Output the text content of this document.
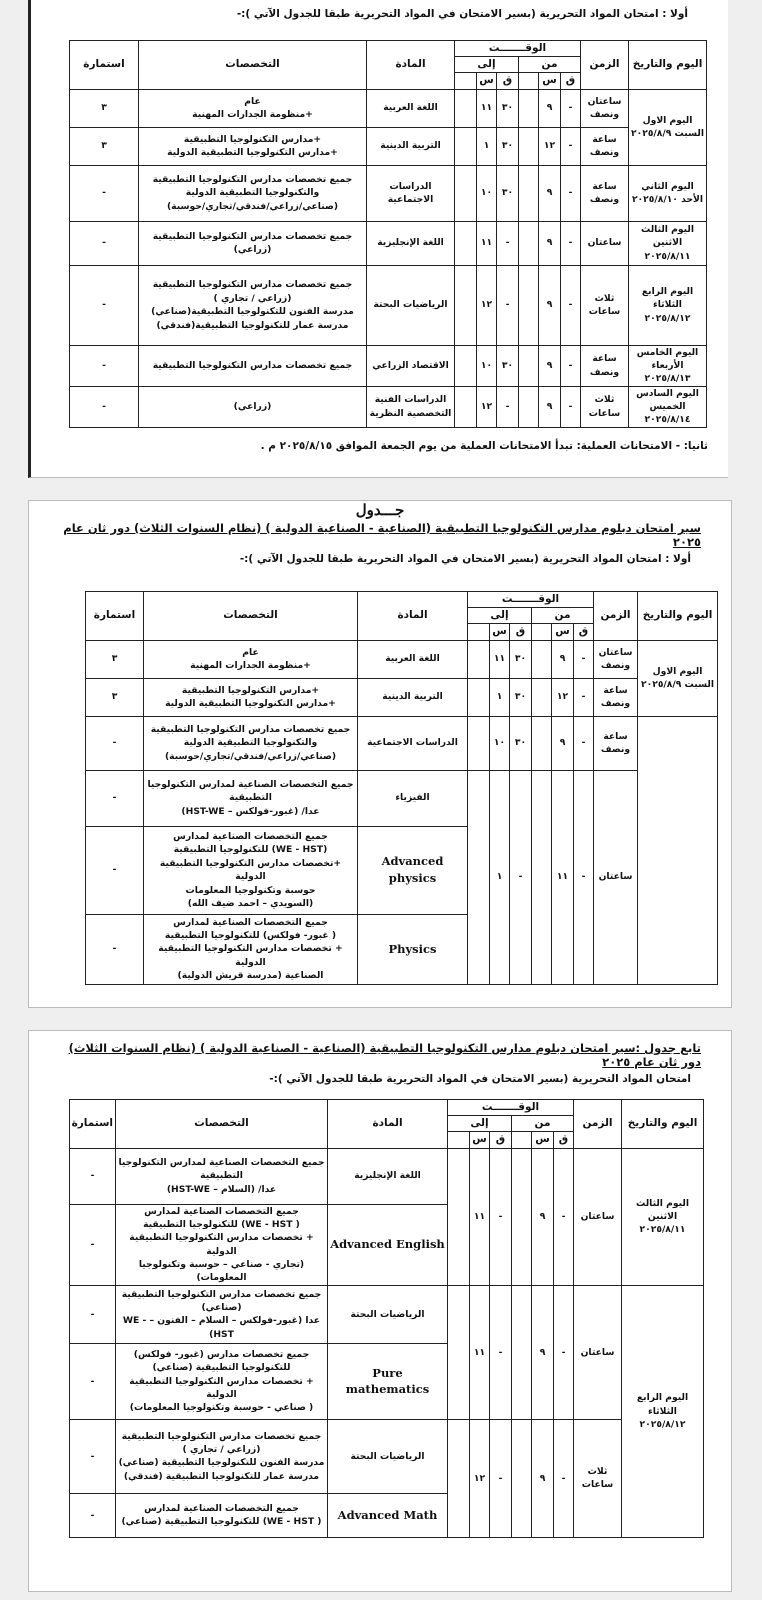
أولا : امتحان المواد التحريرية (بسير الامتحان في المواد التحريرية طبقا للجدول الآتي ):-
اليوم والتاريخ	الزمن	الوقـــــــت						المادة	التخصصات	استمارة
		من			إلى					
		ق	س		ق	س				
اليوم الاول السبت ٢٠٢٥/٨/٩	ساعتان ونصف	-	٩		٣٠	١١		اللغة العربية	عام
+منظومة الجدارات المهنية	٣
	ساعة ونصف	-	١٢		٣٠	١		التربية الدينية	+مدارس التكنولوجيا التطبيقية
+مدارس التكنولوجيا التطبيقية الدولية	٣
اليوم الثاني الأحد ٢٠٢٥/٨/١٠	ساعة ونصف	-	٩		٣٠	١٠		الدراسات الاجتماعية	جميع تخصصات مدارس التكنولوجيا التطبيقية
والتكنولوجيا التطبيقية الدولية
(صناعي/زراعي/فندقي/تجاري/حوسبة)	-
اليوم الثالث الاثنين ٢٠٢٥/٨/١١	ساعتان	-	٩		-	١١		اللغة الإنجليزية	جميع تخصصات مدارس التكنولوجيا التطبيقية
(زراعي)	-
اليوم الرابع الثلاثاء ٢٠٢٥/٨/١٢	ثلاث ساعات	-	٩		-	١٢		الرياضيات البحتة	جميع تخصصات مدارس التكنولوجيا التطبيقية
(زراعي / تجاري )
مدرسة الفنون للتكنولوجيا التطبيقية(صناعي)
مدرسة عمار للتكنولوجيا التطبيقية(فندقي)	-
اليوم الخامس الأربعاء ٢٠٢٥/٨/١٣	ساعة ونصف	-	٩		٣٠	١٠		الاقتصاد الزراعي	جميع تخصصات مدارس التكنولوجيا التطبيقية	-
اليوم السادس الخميس ٢٠٢٥/٨/١٤	ثلاث ساعات	-	٩		-	١٢		الدراسات الفنية التخصصية النظرية	(زراعي)	-
ثانيا: - الامتحانات العملية: تبدأ الامتحانات العملية من يوم الجمعة الموافق ٢٠٢٥/٨/١٥ م .
جـــدول
سير امتحان دبلوم مدارس التكنولوجيا التطبيقية (الصناعية - الصناعية الدولية ) (نظام السنوات الثلاث) دور ثان عام ٢٠٢٥
أولا : امتحان المواد التحريرية (بسير الامتحان في المواد التحريرية طبقا للجدول الآتي ):-
اليوم والتاريخ	الزمن	الوقـــــــت						المادة	التخصصات	استمارة
		من			إلى					
		ق	س		ق	س				
اليوم الاول السبت ٢٠٢٥/٨/٩	ساعتان ونصف	-	٩		٣٠	١١		اللغة العربية	عام
+منظومة الجدارات المهنية	٣
	ساعة ونصف	-	١٢		٣٠	١		التربية الدينية	+مدارس التكنولوجيا التطبيقية
+مدارس التكنولوجيا التطبيقية الدولية	٣
	ساعة ونصف	-	٩		٣٠	١٠		الدراسات الاجتماعية	جميع تخصصات مدارس التكنولوجيا التطبيقية
والتكنولوجيا التطبيقية الدولية
(صناعي/زراعي/فندقي/تجاري/حوسبة)	-
	ساعتان	-	١١		-	١		الفيزياء	جميع التخصصات الصناعية لمدارس التكنولوجيا
التطبيقية
عدا/ (غبور-فولكس – HST-WE)	-
								Advanced physics	جميع التخصصات الصناعية لمدارس
(WE - HST) للتكنولوجيا التطبيقية
+تخصصات مدارس التكنولوجيا التطبيقية الدولية
حوسبة وتكنولوجيا المعلومات
(السويدي – احمد ضيف الله)	-
								Physics	جميع التخصصات الصناعية لمدارس
( غبور- فولكس) للتكنولوجيا التطبيقية
+ تخصصات مدارس التكنولوجيا التطبيقية الدولية
الصناعية (مدرسة قريش الدولية)	-
تابع جدول :سير امتحان دبلوم مدارس التكنولوجيا التطبيقية (الصناعية - الصناعية الدولية ) (نظام السنوات الثلاث) دور ثان عام ٢٠٢٥
امتحان المواد التحريرية (بسير الامتحان في المواد التحريرية طبقا للجدول الآتي ):-
اليوم والتاريخ	الزمن	الوقـــــــت						المادة	التخصصات	استمارة
		من			إلى					
		ق	س		ق	س				
اليوم الثالث الاثنين ٢٠٢٥/٨/١١	ساعتان	-	٩		-	١١		اللغة الإنجليزية	جميع التخصصات الصناعية لمدارس التكنولوجيا
التطبيقية
عدا/ (السلام – HST-WE)	-
								Advanced English	جميع التخصصات الصناعية لمدارس
( WE - HST) للتكنولوجيا التطبيقية
+ تخصصات مدارس التكنولوجيا التطبيقية الدولية
(تجاري - صناعي – حوسبة وتكنولوجيا المعلومات)	-
اليوم الرابع الثلاثاء ٢٠٢٥/٨/١٢	ساعتان	-	٩		-	١١		الرياضيات البحتة	جميع تخصصات مدارس التكنولوجيا التطبيقية
(صناعي)
عدا (غبور-فولكس – السلام – الفنون – WE -HST)	-
								Pure mathematics	جميع تخصصات مدارس (غبور- فولكس)
للتكنولوجيا التطبيقية (صناعي)
+ تخصصات مدارس التكنولوجيا التطبيقية الدولية
( صناعي - حوسبة وتكنولوجيا المعلومات)	-
	ثلاث ساعات	-	٩		-	١٢		الرياضيات البحتة	جميع تخصصات مدارس التكنولوجيا التطبيقية
(زراعي / تجاري )
مدرسة الفنون للتكنولوجيا التطبيقية (صناعي)
مدرسة عمار للتكنولوجيا التطبيقية (فندقي)	-
								Advanced Math	جميع التخصصات الصناعية لمدارس
( WE - HST) للتكنولوجيا التطبيقية (صناعي)	-
